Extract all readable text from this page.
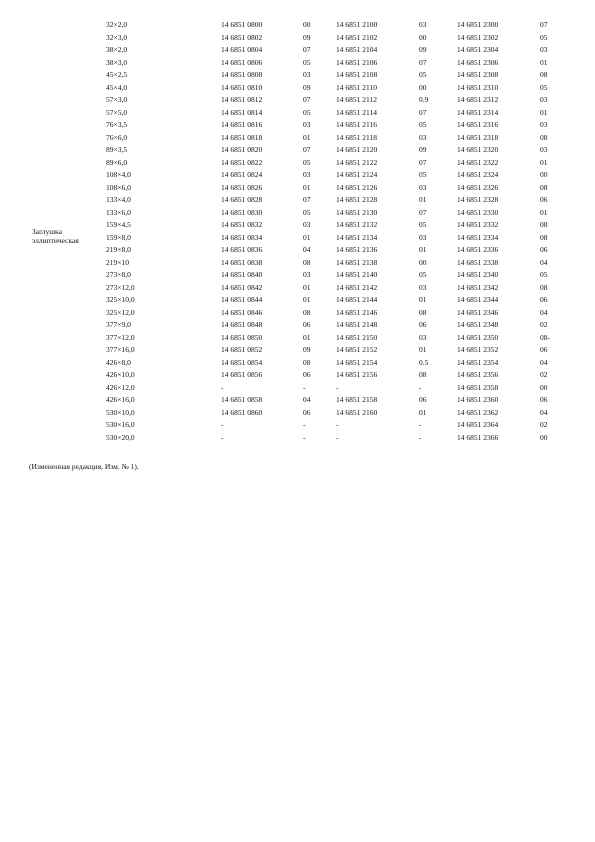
Заглушка
эллиптическая
32×2,0	14 6851 0800	00	14 6851 2100	03	14 6851 2300	07
32×3,0	14 6851 0802	09	14 6851 2102	00	14 6851 2302	05
38×2,0	14 6851 0804	07	14 6851 2104	09	14 6851 2304	03
38×3,0	14 6851 0806	05	14 6851 2106	07	14 6851 2306	01
45×2,5	14 6851 0808	03	14 6851 2108	05	14 6851 2308	08
45×4,0	14 6851 0810	09	14 6851 2110	00	14 6851 2310	05
57×3,0	14 6851 0812	07	14 6851 2112	0.9	14 6851 2312	03
57×5,0	14 6851 0814	05	14 6851 2114	07	14 6851 2314	01
76×3,5	14 6851 0816	03	14 6851 2116	05	14 6851 2316	03
76×6,0	14 6851 0818	01	14 6851 2118	03	14 6851 2318	08
89×3,5	14 6851 0820	07	14 6851 2120	09	14 6851 2320	03
89×6,0	14 6851 0822	05	14 6851 2122	07	14 6851 2322	01
108×4,0	14 6851 0824	03	14 6851 2124	05	14 6851 2324	00
108×6,0	14 6851 0826	01	14 6851 2126	03	14 6851 2326	08
133×4,0	14 6851 0828	07	14 6851 2128	01	14 6851 2328	06
133×6,0	14 6851 0830	05	14 6851 2130	07	14 6851 2330	01
159×4,5	14 6851 0832	03	14 6851 2132	05	14 6851 2332	08
159×8,0	14 6851 0834	01	14 6851 2134	03	14 6851 2334	08
219×8,0	14 6851 0836	04	14 6851 2136	01	14 6851 2336	06
219×10	14 6851 0838	08	14 6851 2138	00	14 6851 2338	04
273×8,0	14 6851 0840	03	14 6851 2140	05	14 6851 2340	05
273×12,0	14 6851 0842	01	14 6851 2142	03	14 6851 2342	08
325×10,0	14 6851 0844	01	14 6851 2144	01	14 6851 2344	06
325×12,0	14 6851 0846	08	14 6851 2146	08	14 6851 2346	04
377×9,0	14 6851 0848	06	14 6851 2148	06	14 6851 2348	02
377×12,0	14 6851 0850	01	14 6851 2150	03	14 6851 2350	08-
377×16,0	14 6851 0852	09	14 6851 2152	01	14 6851 2352	06
426×8,0	14 6851 0854	08	14 6851 2154	0.5	14 6851 2354	04
426×10,0	14 6851 0856	06	14 6851 2156	08	14 6851 2356	02
426×12,0	-	-	-	-	14 6851 2358	00
426×16,0	14 6851 0858	04	14 6851 2158	06	14 6851 2360	06
530×10,0	14 6851 0860	06	14 6851 2160	01	14 6851 2362	04
530×16,0	-	-	-	-	14 6851 2364	02
530×20,0	-	-	-	-	14 6851 2366	00
(Измененная редакция, Изм. № 1).
